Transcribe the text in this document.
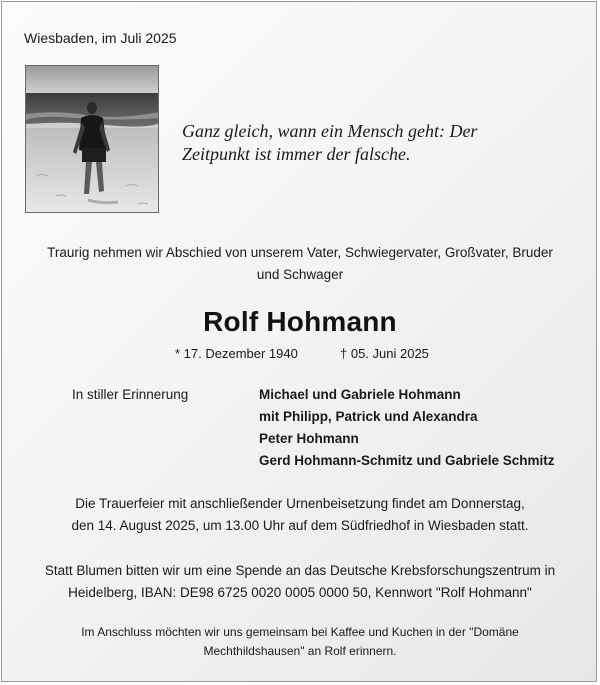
Wiesbaden, im Juli 2025
Ganz gleich, wann ein Mensch geht: Der
Zeitpunkt ist immer der falsche.
Traurig nehmen wir Abschied von unserem Vater, Schwiegervater, Großvater, Bruder
und Schwager
Rolf Hohmann
* 17. Dezember 1940	† 05. Juni 2025
In stiller Erinnerung	Michael und Gabriele Hohmann
mit Philipp, Patrick und Alexandra
Peter Hohmann
Gerd Hohmann-Schmitz und Gabriele Schmitz
Die Trauerfeier mit anschließender Urnenbeisetzung findet am Donnerstag,
den 14. August 2025, um 13.00 Uhr auf dem Südfriedhof in Wiesbaden statt.
Statt Blumen bitten wir um eine Spende an das Deutsche Krebsforschungszentrum in
Heidelberg, IBAN: DE98 6725 0020 0005 0000 50, Kennwort "Rolf Hohmann"
Im Anschluss möchten wir uns gemeinsam bei Kaffee und Kuchen in der "Domäne
Mechthildshausen" an Rolf erinnern.
